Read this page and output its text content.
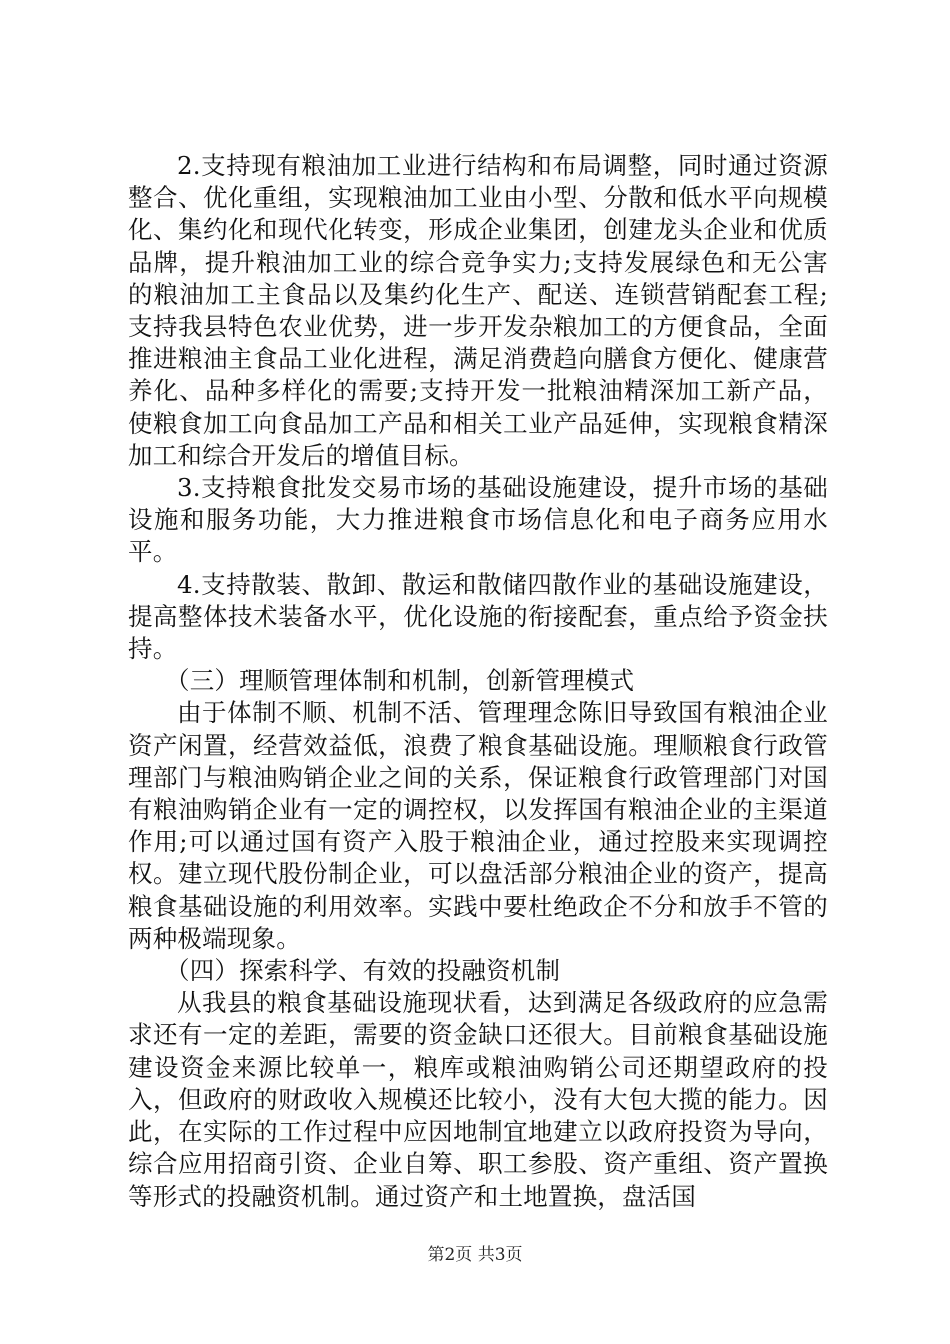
2.支持现有粮油加工业进行结构和布局调整，同时通过资源整合、优化重组，实现粮油加工业由小型、分散和低水平向规模化、集约化和现代化转变，形成企业集团，创建龙头企业和优质品牌，提升粮油加工业的综合竞争实力;支持发展绿色和无公害的粮油加工主食品以及集约化生产、配送、连锁营销配套工程;支持我县特色农业优势，进一步开发杂粮加工的方便食品，全面推进粮油主食品工业化进程，满足消费趋向膳食方便化、健康营养化、品种多样化的需要;支持开发一批粮油精深加工新产品，使粮食加工向食品加工产品和相关工业产品延伸，实现粮食精深加工和综合开发后的增值目标。

3.支持粮食批发交易市场的基础设施建设，提升市场的基础设施和服务功能，大力推进粮食市场信息化和电子商务应用水平。

4.支持散装、散卸、散运和散储四散作业的基础设施建设，提高整体技术装备水平，优化设施的衔接配套，重点给予资金扶持。

（三）理顺管理体制和机制，创新管理模式

由于体制不顺、机制不活、管理理念陈旧导致国有粮油企业资产闲置，经营效益低，浪费了粮食基础设施。理顺粮食行政管理部门与粮油购销企业之间的关系，保证粮食行政管理部门对国有粮油购销企业有一定的调控权，以发挥国有粮油企业的主渠道作用;可以通过国有资产入股于粮油企业，通过控股来实现调控权。建立现代股份制企业，可以盘活部分粮油企业的资产，提高粮食基础设施的利用效率。实践中要杜绝政企不分和放手不管的两种极端现象。

（四）探索科学、有效的投融资机制

从我县的粮食基础设施现状看，达到满足各级政府的应急需求还有一定的差距，需要的资金缺口还很大。目前粮食基础设施建设资金来源比较单一，粮库或粮油购销公司还期望政府的投入，但政府的财政收入规模还比较小，没有大包大揽的能力。因此，在实际的工作过程中应因地制宜地建立以政府投资为导向，综合应用招商引资、企业自筹、职工参股、资产重组、资产置换等形式的投融资机制。通过资产和土地置换，盘活国

第2页 共3页
